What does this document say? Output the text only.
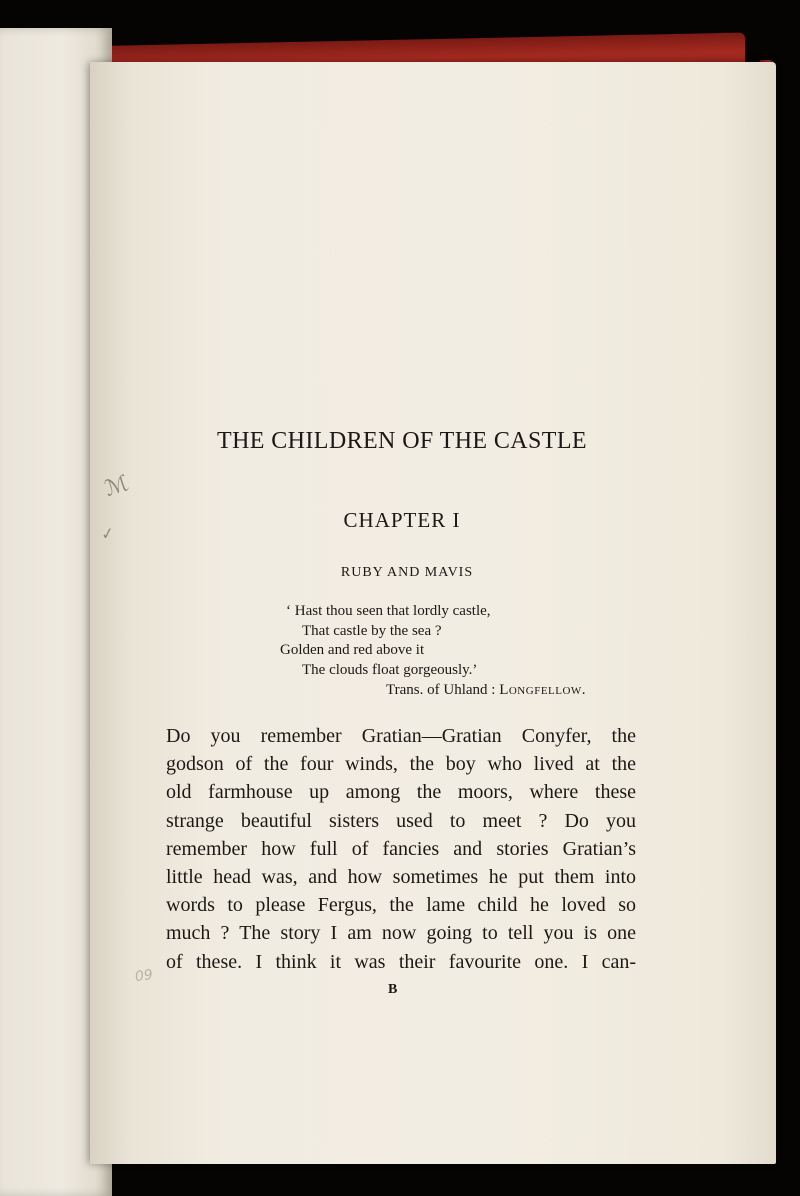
THE CHILDREN OF THE CASTLE
CHAPTER I
RUBY AND MAVIS
‘ Hast thou seen that lordly castle,
That castle by the sea ?
Golden and red above it
The clouds float gorgeously.’
Trans. of Uhland : Longfellow.
Do you remember Gratian—Gratian Conyfer, the
godson of the four winds, the boy who lived at the
old farmhouse up among the moors, where these
strange beautiful sisters used to meet ? Do you
remember how full of fancies and stories Gratian’s
little head was, and how sometimes he put them into
words to please Fergus, the lame child he loved so
much ? The story I am now going to tell you is one
of these. I think it was their favourite one. I can-
B
ℳ
✓
09
